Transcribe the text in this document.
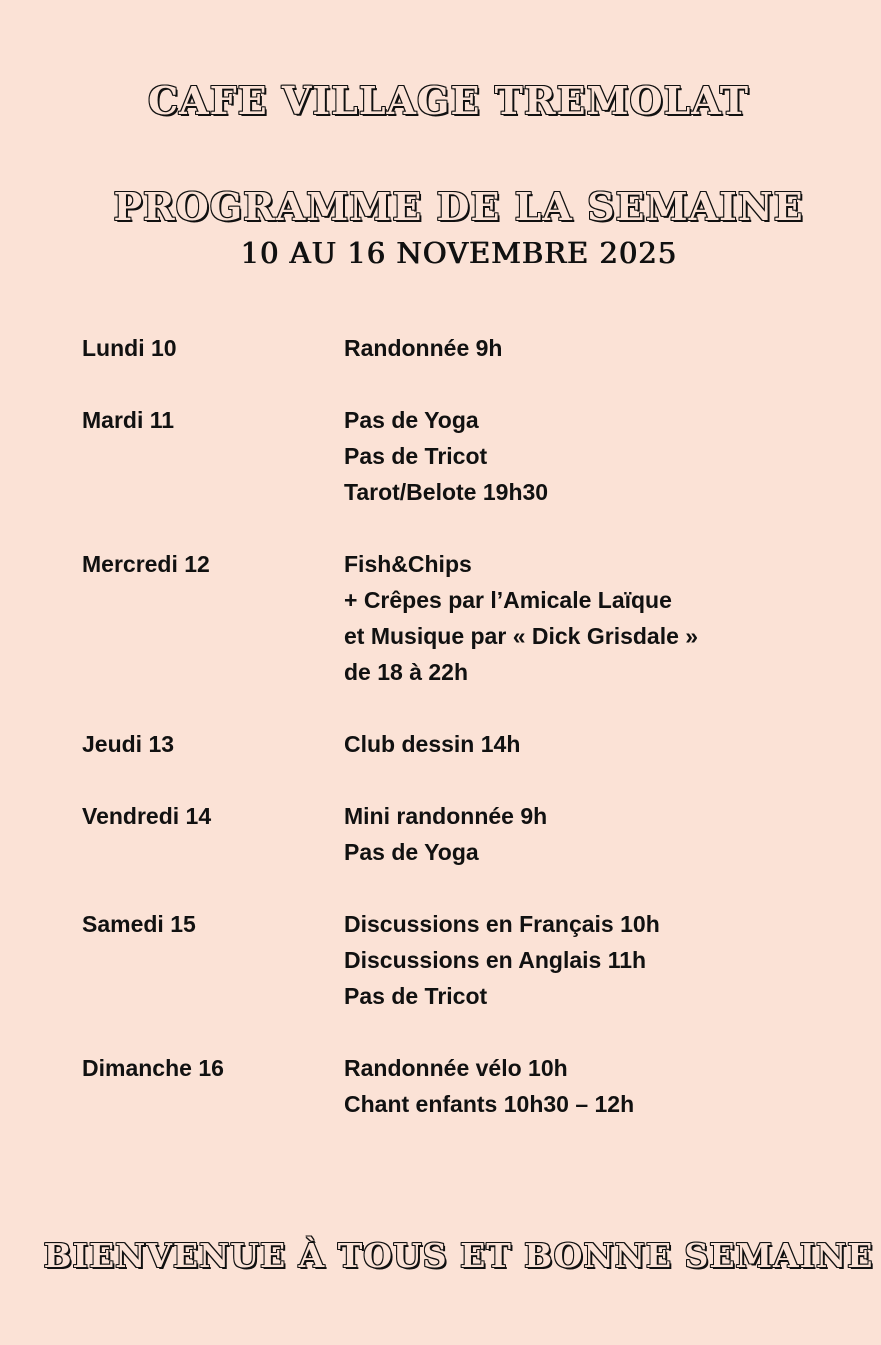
CAFE VILLAGE TREMOLAT
PROGRAMME DE LA SEMAINE
10 AU 16 NOVEMBRE 2025
Lundi 10	Randonnée 9h
Mardi 11	Pas de Yoga
Pas de Tricot
Tarot/Belote 19h30
Mercredi 12	Fish&Chips
+ Crêpes par l’Amicale Laïque
et Musique par « Dick Grisdale »
de 18 à 22h
Jeudi 13	Club dessin 14h
Vendredi 14	Mini randonnée 9h
Pas de Yoga
Samedi 15	Discussions en Français 10h
Discussions en Anglais 11h
Pas de Tricot
Dimanche 16	Randonnée vélo 10h
Chant enfants 10h30 – 12h
BIENVENUE À TOUS ET BONNE SEMAINE
